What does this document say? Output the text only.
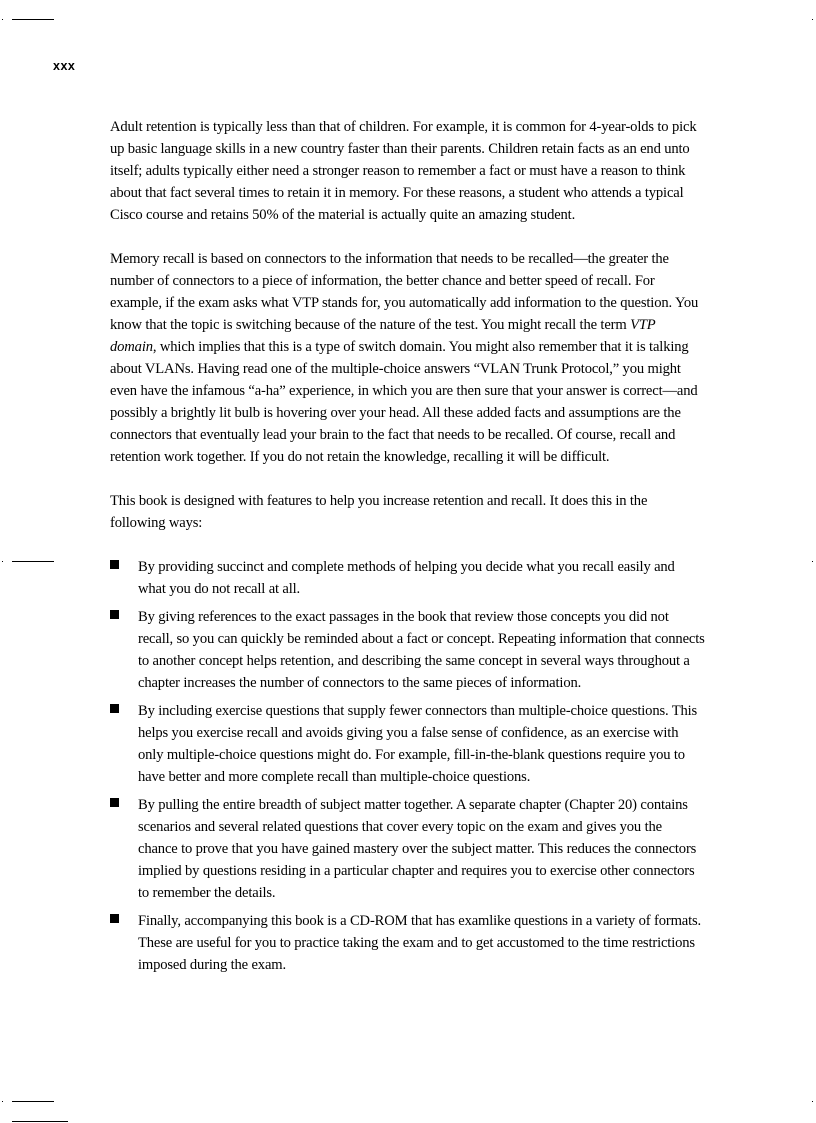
xxx

Adult retention is typically less than that of children. For example, it is common for 4-year-olds to pick up basic language skills in a new country faster than their parents. Children retain facts as an end unto itself; adults typically either need a stronger reason to remember a fact or must have a reason to think about that fact several times to retain it in memory. For these reasons, a student who attends a typical Cisco course and retains 50% of the material is actually quite an amazing student.

Memory recall is based on connectors to the information that needs to be recalled—the greater the number of connectors to a piece of information, the better chance and better speed of recall. For example, if the exam asks what VTP stands for, you automatically add information to the question. You know that the topic is switching because of the nature of the test. You might recall the term VTP domain, which implies that this is a type of switch domain. You might also remember that it is talking about VLANs. Having read one of the multiple-choice answers “VLAN Trunk Protocol,” you might even have the infamous “a-ha” experience, in which you are then sure that your answer is correct—and possibly a brightly lit bulb is hovering over your head. All these added facts and assumptions are the connectors that eventually lead your brain to the fact that needs to be recalled. Of course, recall and retention work together. If you do not retain the knowledge, recalling it will be difficult.

This book is designed with features to help you increase retention and recall. It does this in the following ways:

By providing succinct and complete methods of helping you decide what you recall easily and what you do not recall at all.
By giving references to the exact passages in the book that review those concepts you did not recall, so you can quickly be reminded about a fact or concept. Repeating information that connects to another concept helps retention, and describing the same concept in several ways throughout a chapter increases the number of connectors to the same pieces of information.
By including exercise questions that supply fewer connectors than multiple-choice questions. This helps you exercise recall and avoids giving you a false sense of confidence, as an exercise with only multiple-choice questions might do. For example, fill-in-the-blank questions require you to have better and more complete recall than multiple-choice questions.
By pulling the entire breadth of subject matter together. A separate chapter (Chapter 20) contains scenarios and several related questions that cover every topic on the exam and gives you the chance to prove that you have gained mastery over the subject matter. This reduces the connectors implied by questions residing in a particular chapter and requires you to exercise other connectors to remember the details.
Finally, accompanying this book is a CD-ROM that has examlike questions in a variety of formats. These are useful for you to practice taking the exam and to get accustomed to the time restrictions imposed during the exam.
